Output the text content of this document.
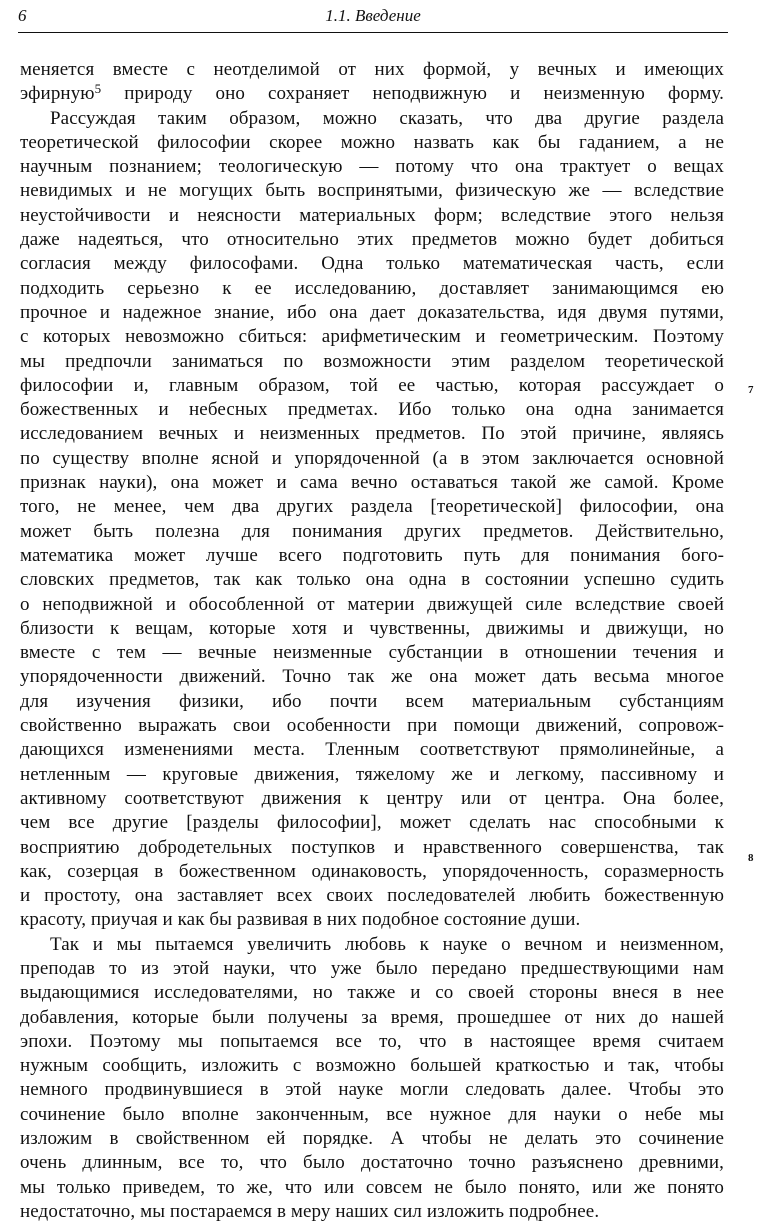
6	1.1. Введение
меняется вместе с неотделимой от них формой, у вечных и имеющих
эфирную$^5$ природу оно сохраняет неподвижную и неизменную форму.
Рассуждая таким образом, можно сказать, что два другие раздела
теоретической философии скорее можно назвать как бы гаданием, а не
научным познанием; теологическую — потому что она трактует о вещах
невидимых и не могущих быть воспринятыми, физическую же — вследствие
неустойчивости и неясности материальных форм; вследствие этого нельзя
даже надеяться, что относительно этих предметов можно будет добиться
согласия между философами. Одна только математическая часть, если
подходить серьезно к ее исследованию, доставляет занимающимся ею
прочное и надежное знание, ибо она дает доказательства, идя двумя путями,
с которых невозможно сбиться: арифметическим и геометрическим. Поэтому
мы предпочли заниматься по возможности этим разделом теоретической
философии и, главным образом, той ее частью, которая рассуждает о
божественных и небесных предметах. Ибо только она одна занимается
исследованием вечных и неизменных предметов. По этой причине, являясь
по существу вполне ясной и упорядоченной (а в этом заключается основной
признак науки), она может и сама вечно оставаться такой же самой. Кроме
того, не менее, чем два других раздела [теоретической] философии, она
может быть полезна для понимания других предметов. Действительно,
математика может лучше всего подготовить путь для понимания бого-
словских предметов, так как только она одна в состоянии успешно судить
о неподвижной и обособленной от материи движущей силе вследствие своей
близости к вещам, которые хотя и чувственны, движимы и движущи, но
вместе с тем — вечные неизменные субстанции в отношении течения и
упорядоченности движений. Точно так же она может дать весьма многое
для изучения физики, ибо почти всем материальным субстанциям
свойственно выражать свои особенности при помощи движений, сопровож-
дающихся изменениями места. Тленным соответствуют прямолинейные, а
нетленным — круговые движения, тяжелому же и легкому, пассивному и
активному соответствуют движения к центру или от центра. Она более,
чем все другие [разделы философии], может сделать нас способными к
восприятию добродетельных поступков и нравственного совершенства, так
как, созерцая в божественном одинаковость, упорядоченность, соразмерность
и простоту, она заставляет всех своих последователей любить божественную
красоту, приучая и как бы развивая в них подобное состояние души.
Так и мы пытаемся увеличить любовь к науке о вечном и неизменном,
преподав то из этой науки, что уже было передано предшествующими нам
выдающимися исследователями, но также и со своей стороны внеся в нее
добавления, которые были получены за время, прошедшее от них до нашей
эпохи. Поэтому мы попытаемся все то, что в настоящее время считаем
нужным сообщить, изложить с возможно большей краткостью и так, чтобы
немного продвинувшиеся в этой науке могли следовать далее. Чтобы это
сочинение было вполне законченным, все нужное для науки о небе мы
изложим в свойственном ей порядке. А чтобы не делать это сочинение
очень длинным, все то, что было достаточно точно разъяснено древними,
мы только приведем, то же, что или совсем не было понято, или же понято
недостаточно, мы постараемся в меру наших сил изложить подробнее.
7
8
